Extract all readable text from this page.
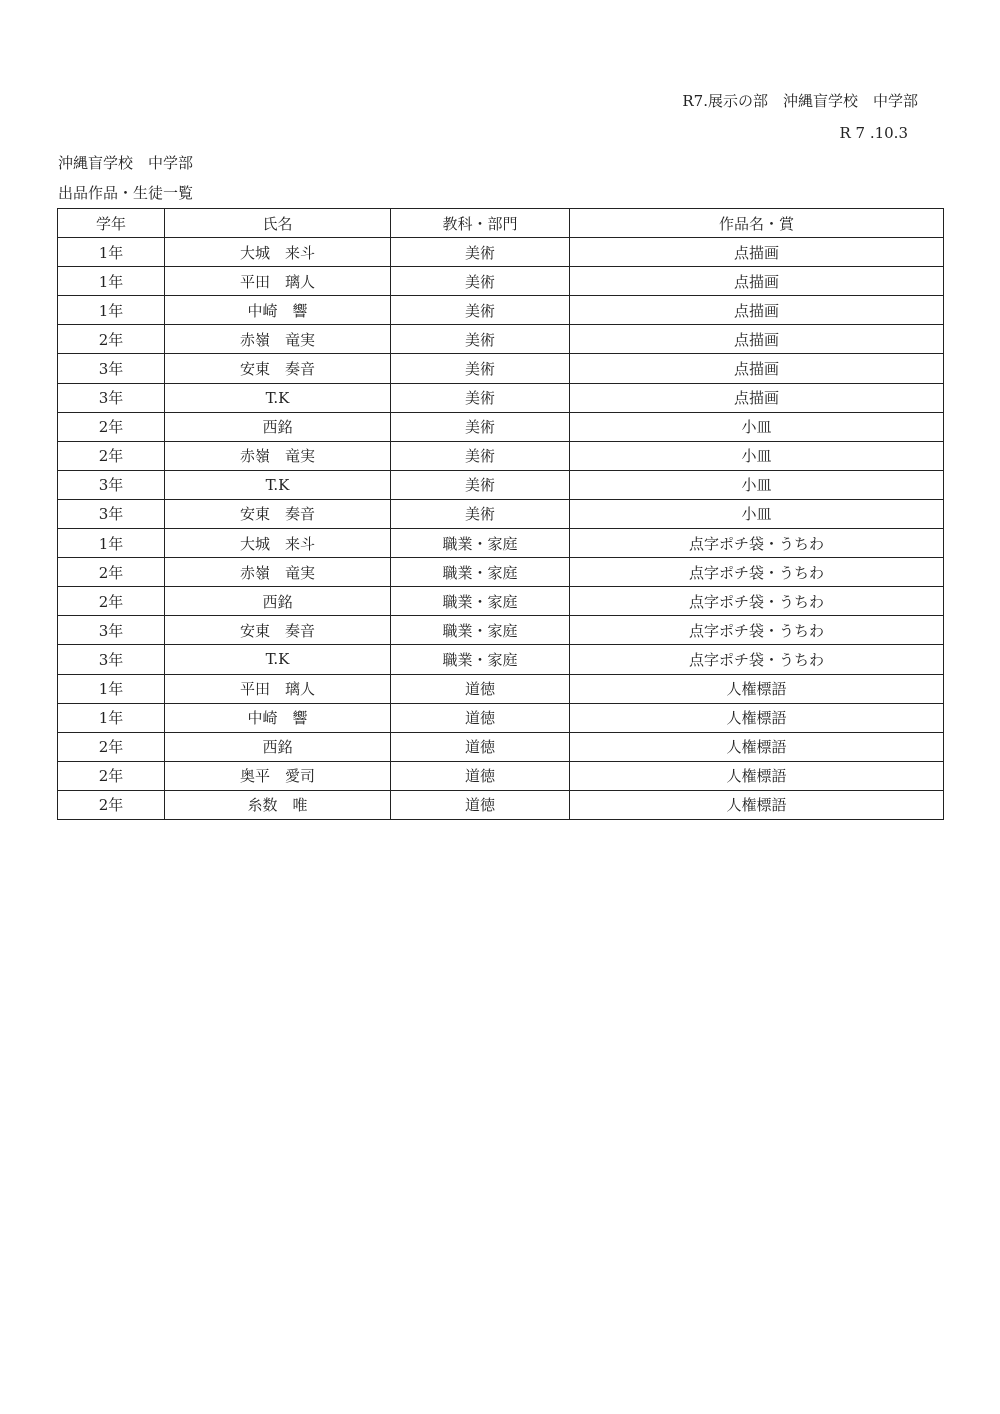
R7.展示の部　沖縄盲学校　中学部
R 7 .10.3
沖縄盲学校　中学部
出品作品・生徒一覧
学年	氏名	教科・部門	作品名・賞
1年	大城　来斗	美術	点描画
1年	平田　璃人	美術	点描画
1年	中崎　響	美術	点描画
2年	赤嶺　竜実	美術	点描画
3年	安東　奏音	美術	点描画
3年	T.K	美術	点描画
2年	西銘	美術	小皿
2年	赤嶺　竜実	美術	小皿
3年	T.K	美術	小皿
3年	安東　奏音	美術	小皿
1年	大城　来斗	職業・家庭	点字ポチ袋・うちわ
2年	赤嶺　竜実	職業・家庭	点字ポチ袋・うちわ
2年	西銘	職業・家庭	点字ポチ袋・うちわ
3年	安東　奏音	職業・家庭	点字ポチ袋・うちわ
3年	T.K	職業・家庭	点字ポチ袋・うちわ
1年	平田　璃人	道徳	人権標語
1年	中崎　響	道徳	人権標語
2年	西銘	道徳	人権標語
2年	奥平　愛司	道徳	人権標語
2年	糸数　唯	道徳	人権標語
